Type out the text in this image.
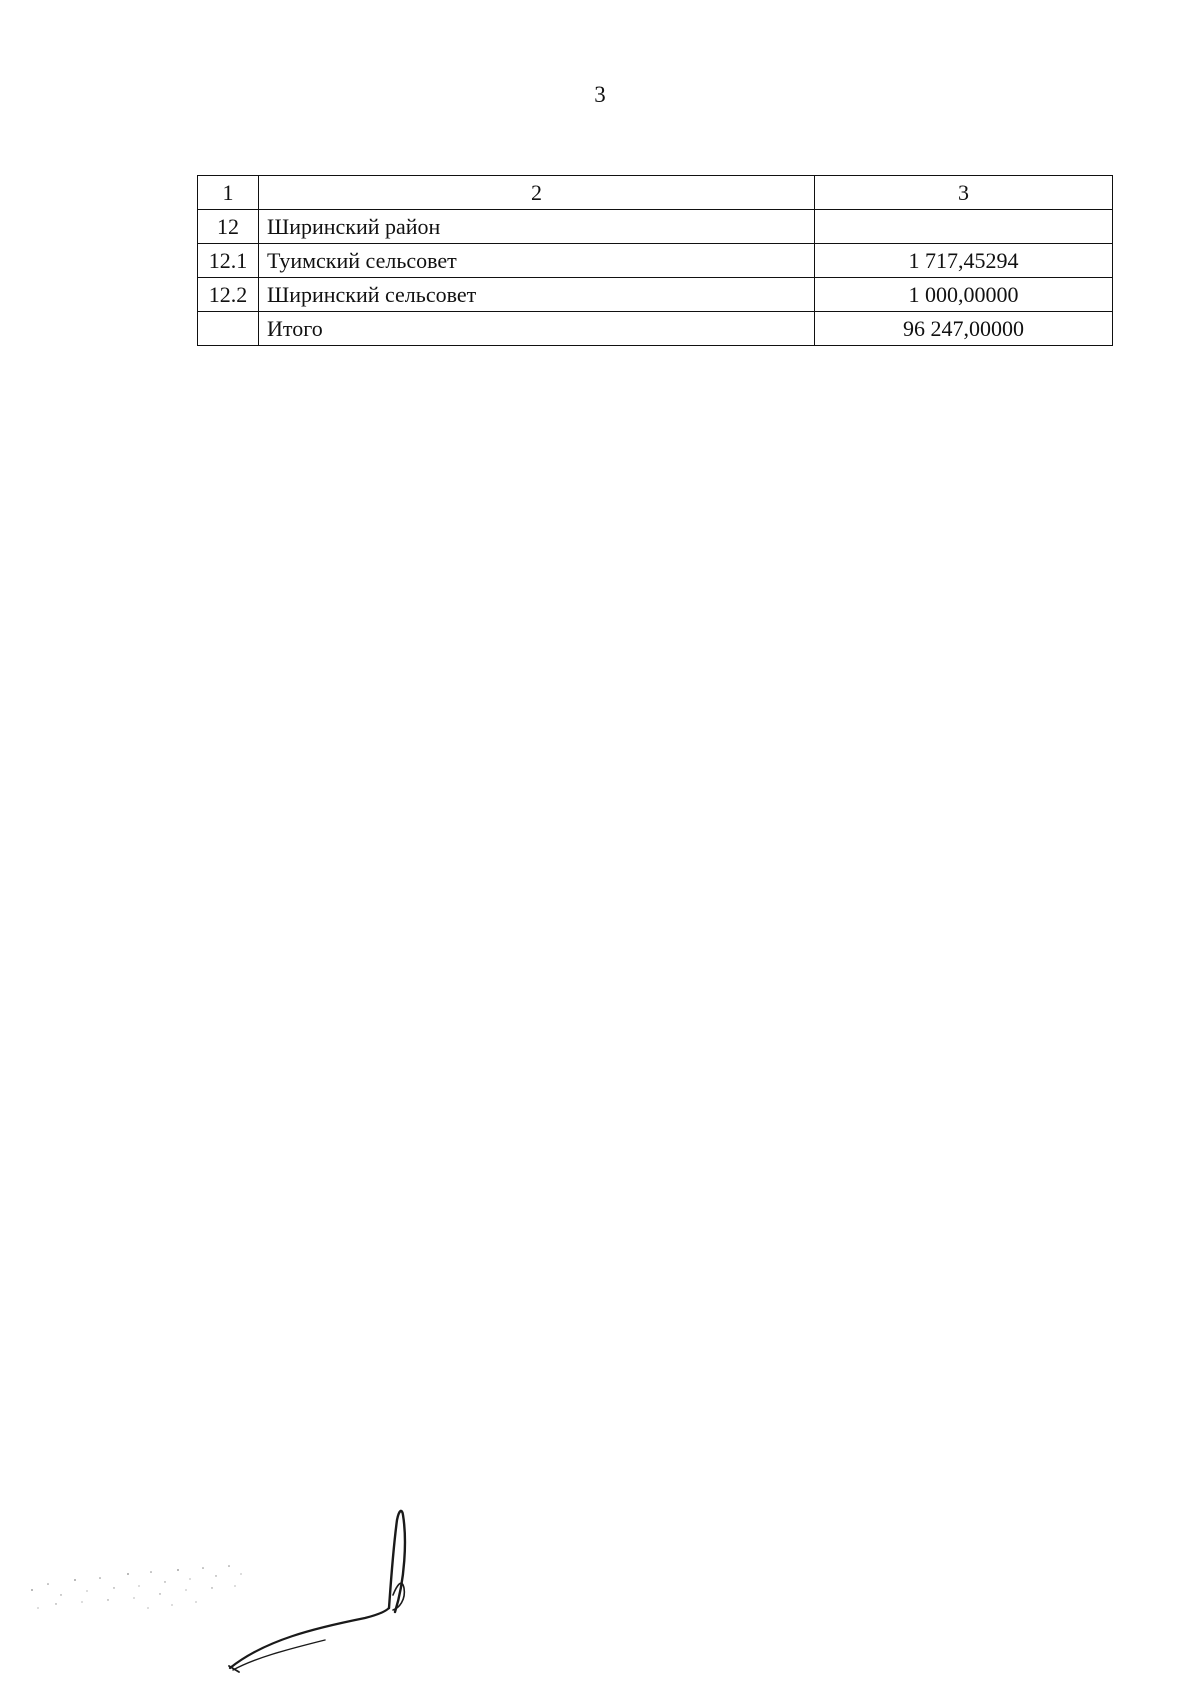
3
1	2	3
12	Ширинский район	
12.1	Туимский сельсовет	1 717,45294
12.2	Ширинский сельсовет	1 000,00000
	Итого	96 247,00000
